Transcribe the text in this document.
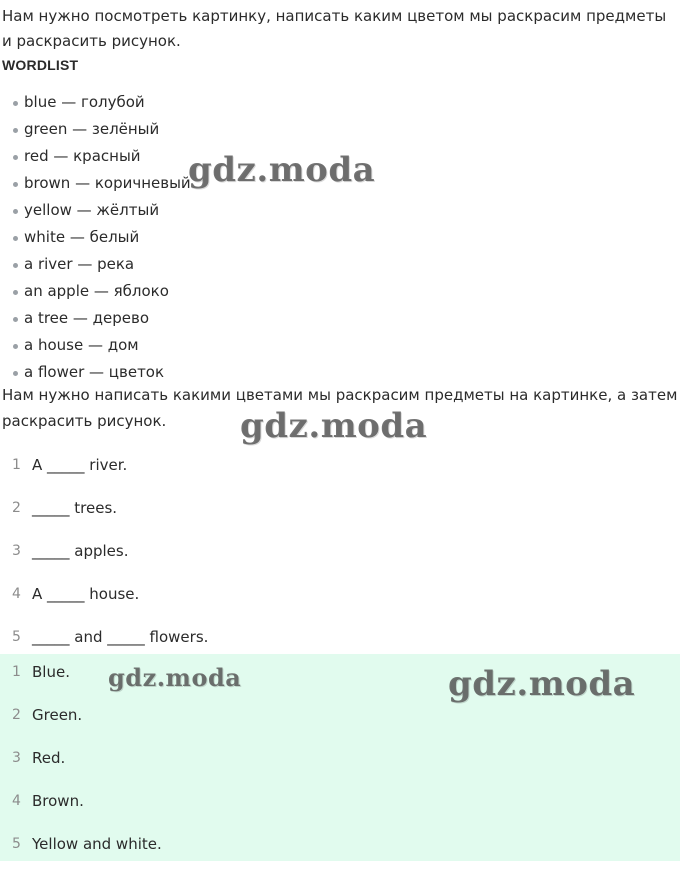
Нам нужно посмотреть картинку, написать каким цветом мы раскрасим предметы и раскрасить рисунок.

WORDLIST
blue — голубой
green — зелёный
red — красный
brown — коричневый
yellow — жёлтый
white — белый
a river — река
an apple — яблоко
a tree — дерево
a house — дом
a flower — цветок

Нам нужно написать какими цветами мы раскрасим предметы на картинке, а затем раскрасить рисунок.

1 A _____ river.
2 _____ trees.
3 _____ apples.
4 A _____ house.
5 _____ and _____ flowers.
1 Blue.
2 Green.
3 Red.
4 Brown.
5 Yellow and white.
gdz.moda
gdz.moda
gdz.moda	gdz.moda
